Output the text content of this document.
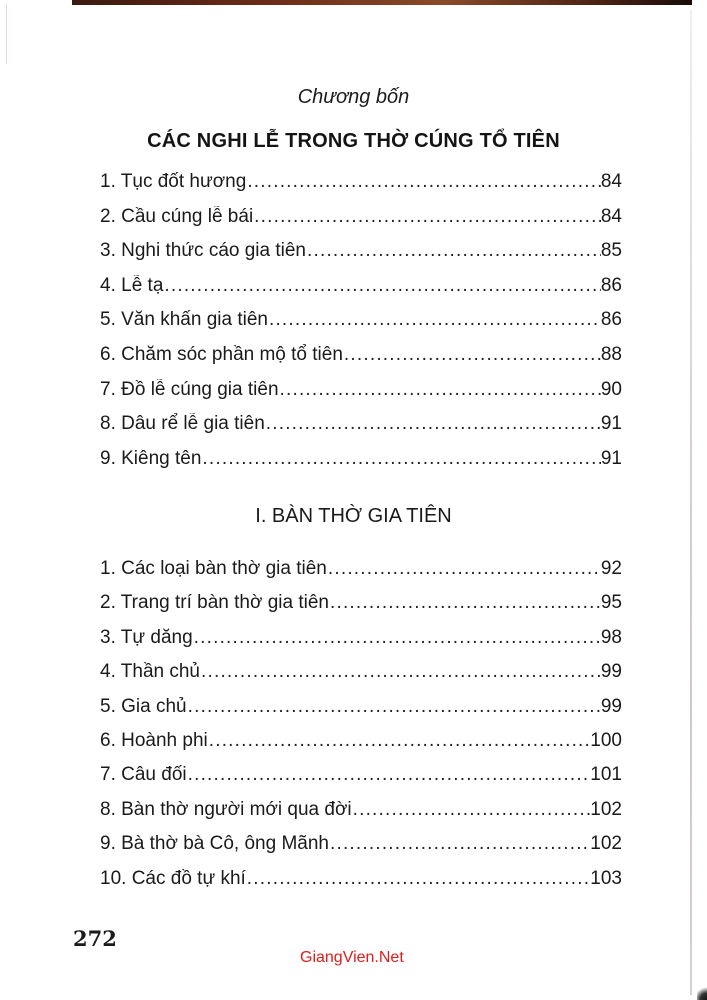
Chương bốn
CÁC NGHI LỄ TRONG THỜ CÚNG TỔ TIÊN
1. Tục đốt hương .....	84
2. Cầu cúng lễ bái .....	84
3. Nghi thức cáo gia tiên .....	85
4. Lễ tạ .....	86
5. Văn khấn gia tiên .....	86
6. Chăm sóc phần mộ tổ tiên .....	88
7. Đồ lễ cúng gia tiên .....	90
8. Dâu rể lễ gia tiên .....	91
9. Kiêng tên .....	91
I. BÀN THỜ GIA TIÊN
1. Các loại bàn thờ gia tiên .....	92
2. Trang trí bàn thờ gia tiên .....	95
3. Tự dăng .....	98
4. Thần chủ .....	99
5. Gia chủ .....	99
6. Hoành phi .....	100
7. Câu đối .....	101
8. Bàn thờ người mới qua đời .....	102
9. Bà thờ bà Cô, ông Mãnh .....	102
10. Các đồ tự khí .....	103
272
GiangVien.Net
